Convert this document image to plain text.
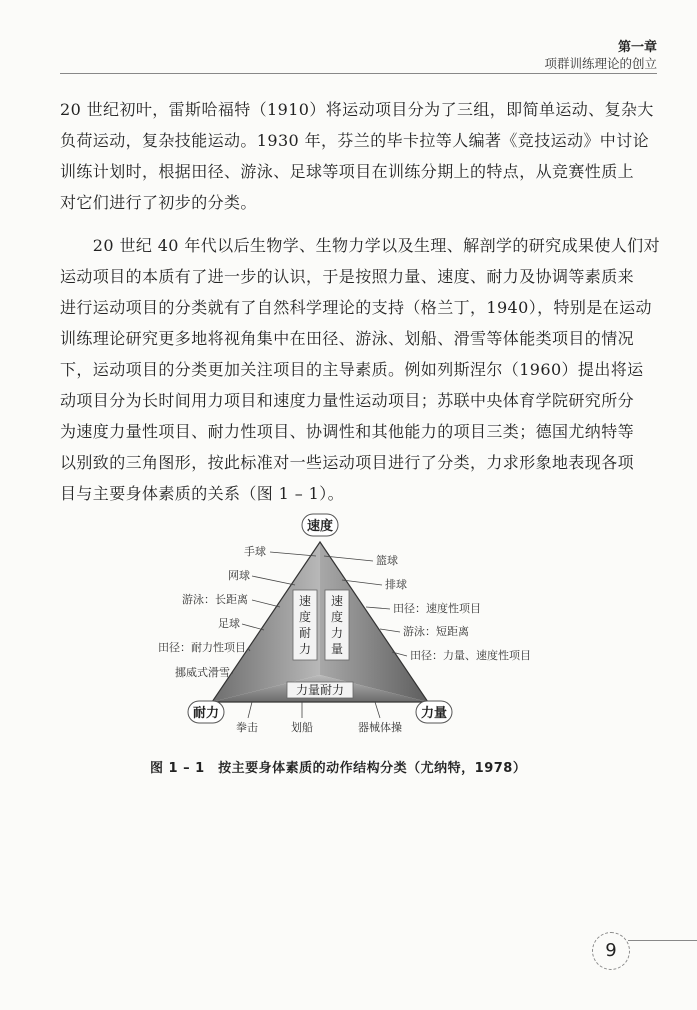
第一章
项群训练理论的创立
20 世纪初叶，雷斯哈福特（1910）将运动项目分为了三组，即简单运动、复杂大
负荷运动，复杂技能运动。1930 年，芬兰的毕卡拉等人编著《竞技运动》中讨论
训练计划时，根据田径、游泳、足球等项目在训练分期上的特点，从竞赛性质上
对它们进行了初步的分类。
　　20 世纪 40 年代以后生物学、生物力学以及生理、解剖学的研究成果使人们对
运动项目的本质有了进一步的认识，于是按照力量、速度、耐力及协调等素质来
进行运动项目的分类就有了自然科学理论的支持（格兰丁，1940），特别是在运动
训练理论研究更多地将视角集中在田径、游泳、划船、滑雪等体能类项目的情况
下，运动项目的分类更加关注项目的主导素质。例如列斯涅尔（1960）提出将运
动项目分为长时间用力项目和速度力量性运动项目；苏联中央体育学院研究所分
为速度力量性项目、耐力性项目、协调性和其他能力的项目三类；德国尤纳特等
以别致的三角图形，按此标准对一些运动项目进行了分类，力求形象地表现各项
目与主要身体素质的关系（图 1 – 1）。
速
度
耐
力
速
度
力
量
力量耐力
速度
耐力	力量
手球
网球
游泳：长距离
足球
田径：耐力性项目
挪威式滑雪
篮球
排球
田径：速度性项目
游泳：短距离
田径：力量、速度性项目
拳击	划船	器械体操
图 1 – 1　按主要身体素质的动作结构分类（尤纳特，1978）
9
